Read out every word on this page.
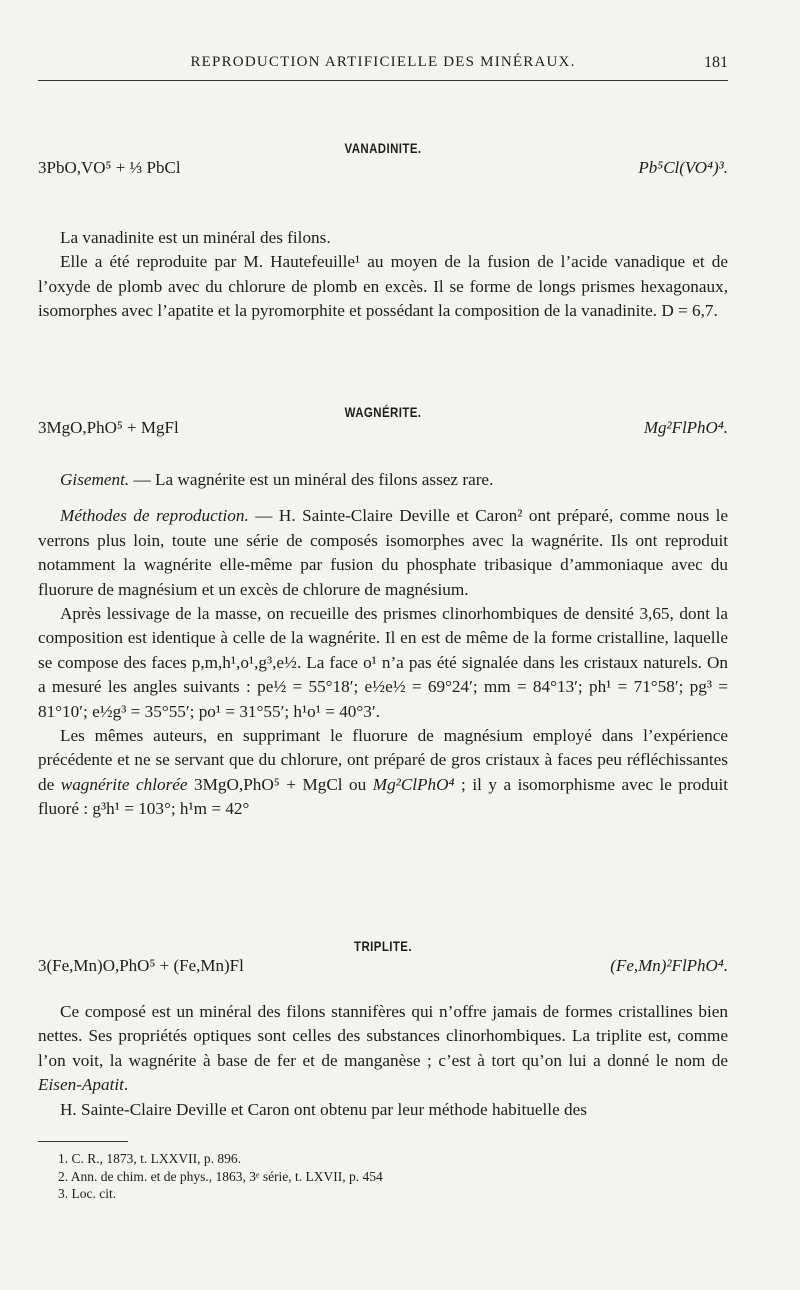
REPRODUCTION ARTIFICIELLE DES MINÉRAUX.	181
VANADINITE.
3PbO,VO⁵ + ⅓ PbCl	Pb⁵Cl(VO⁴)³.

La vanadinite est un minéral des filons.

Elle a été reproduite par M. Hautefeuille¹ au moyen de la fusion de l’acide vanadique et de l’oxyde de plomb avec du chlorure de plomb en excès. Il se forme de longs prismes hexagonaux, isomorphes avec l’apatite et la pyromorphite et possédant la composition de la vanadinite. D = 6,7.

WAGNÉRITE.
3MgO,PhO⁵ + MgFl	Mg²FlPhO⁴.

Gisement. — La wagnérite est un minéral des filons assez rare.

Méthodes de reproduction. — H. Sainte-Claire Deville et Caron² ont préparé, comme nous le verrons plus loin, toute une série de composés isomorphes avec la wagnérite. Ils ont reproduit notamment la wagnérite elle-même par fusion du phosphate tribasique d’ammoniaque avec du fluorure de magnésium et un excès de chlorure de magnésium.

Après lessivage de la masse, on recueille des prismes clinorhombiques de densité 3,65, dont la composition est identique à celle de la wagnérite. Il en est de même de la forme cristalline, laquelle se compose des faces p,m,h¹,o¹,g³,e½. La face o¹ n’a pas été signalée dans les cristaux naturels. On a mesuré les angles suivants : pe½ = 55°18′; e½e½ = 69°24′; mm = 84°13′; ph¹ = 71°58′; pg³ = 81°10′; e½g³ = 35°55′; po¹ = 31°55′; h¹o¹ = 40°3′.

Les mêmes auteurs, en supprimant le fluorure de magnésium employé dans l’expérience précédente et ne se servant que du chlorure, ont préparé de gros cristaux à faces peu réfléchissantes de wagnérite chlorée 3MgO,PhO⁵ + MgCl ou Mg²ClPhO⁴ ; il y a isomorphisme avec le produit fluoré : g³h¹ = 103°; h¹m = 42°

TRIPLITE.
3(Fe,Mn)O,PhO⁵ + (Fe,Mn)Fl	(Fe,Mn)²FlPhO⁴.

Ce composé est un minéral des filons stannifères qui n’offre jamais de formes cristallines bien nettes. Ses propriétés optiques sont celles des substances clinorhombiques. La triplite est, comme l’on voit, la wagnérite à base de fer et de manganèse ; c’est à tort qu’on lui a donné le nom de Eisen-Apatit.

H. Sainte-Claire Deville et Caron ont obtenu par leur méthode habituelle des

1. C. R., 1873, t. LXXVII, p. 896.
2. Ann. de chim. et de phys., 1863, 3ᵉ série, t. LXVII, p. 454
3. Loc. cit.
